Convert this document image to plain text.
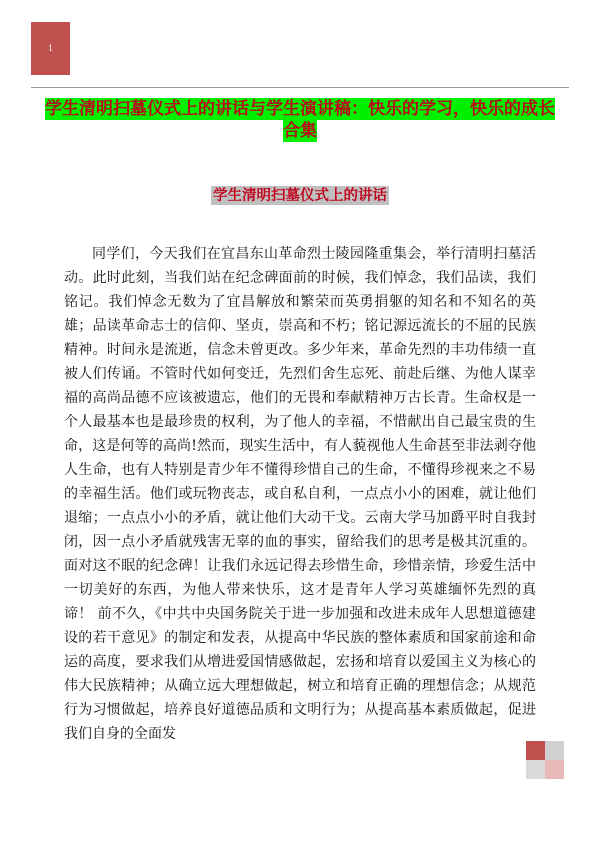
1
学生清明扫墓仪式上的讲话与学生演讲稿：快乐的学习，快乐的成长合集
学生清明扫墓仪式上的讲话

同学们，今天我们在宜昌东山革命烈士陵园隆重集会，举行清明扫墓活动。此时此刻，当我们站在纪念碑面前的时候，我们悼念，我们品读，我们铭记。我们悼念无数为了宜昌解放和繁荣而英勇捐躯的知名和不知名的英雄；品读革命志士的信仰、坚贞，崇高和不朽；铭记源远流长的不屈的民族精神。时间永是流逝，信念未曾更改。多少年来，革命先烈的丰功伟绩一直被人们传诵。不管时代如何变迁，先烈们舍生忘死、前赴后继、为他人谋幸福的高尚品德不应该被遗忘，他们的无畏和奉献精神万古长青。生命权是一个人最基本也是最珍贵的权利，为了他人的幸福，不惜献出自己最宝贵的生命，这是何等的高尚!然而，现实生活中，有人藐视他人生命甚至非法剥夺他人生命，也有人特别是青少年不懂得珍惜自己的生命，不懂得珍视来之不易的幸福生活。他们或玩物丧志，或自私自利，一点点小小的困难，就让他们退缩；一点点小小的矛盾，就让他们大动干戈。云南大学马加爵平时自我封闭，因一点小矛盾就残害无辜的血的事实，留给我们的思考是极其沉重的。面对这不眠的纪念碑！让我们永远记得去珍惜生命，珍惜亲情，珍爱生活中一切美好的东西，为他人带来快乐，这才是青年人学习英雄缅怀先烈的真谛！ 前不久，《中共中央国务院关于进一步加强和改进未成年人思想道德建设的若干意见》的制定和发表，从提高中华民族的整体素质和国家前途和命运的高度，要求我们从增进爱国情感做起，宏扬和培育以爱国主义为核心的伟大民族精神；从确立远大理想做起，树立和培育正确的理想信念；从规范行为习惯做起，培养良好道德品质和文明行为；从提高基本素质做起，促进我们自身的全面发
